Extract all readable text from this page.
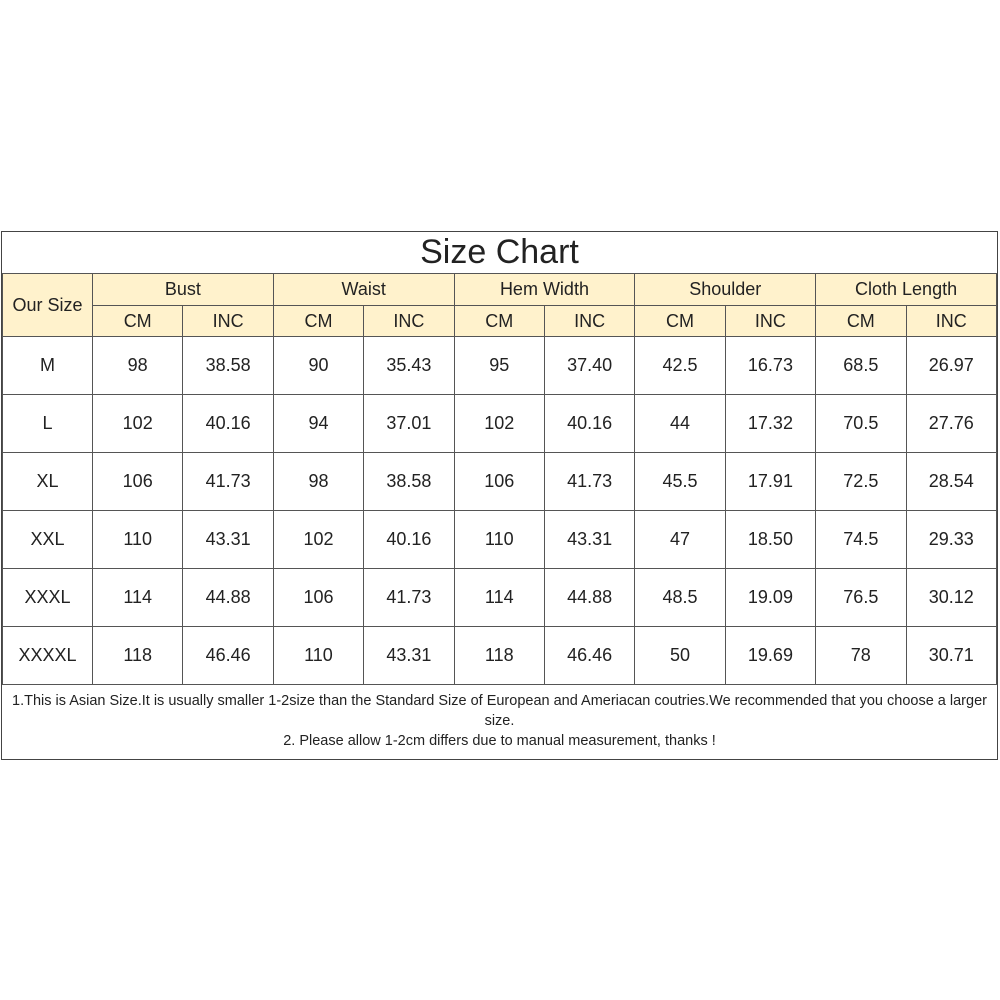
Size Chart										
Our Size	Bust		Waist		Hem Width		Shoulder		Cloth Length	
	CM	INC	CM	INC	CM	INC	CM	INC	CM	INC
M	98	38.58	90	35.43	95	37.40	42.5	16.73	68.5	26.97
L	102	40.16	94	37.01	102	40.16	44	17.32	70.5	27.76
XL	106	41.73	98	38.58	106	41.73	45.5	17.91	72.5	28.54
XXL	110	43.31	102	40.16	110	43.31	47	18.50	74.5	29.33
XXXL	114	44.88	106	41.73	114	44.88	48.5	19.09	76.5	30.12
XXXXL	118	46.46	110	43.31	118	46.46	50	19.69	78	30.71

1.This is Asian Size.It is usually smaller 1-2size than the Standard Size of European and Ameriacan coutries.We recommended that you choose a larger size.
2. Please allow 1-2cm differs due to manual measurement, thanks !										
